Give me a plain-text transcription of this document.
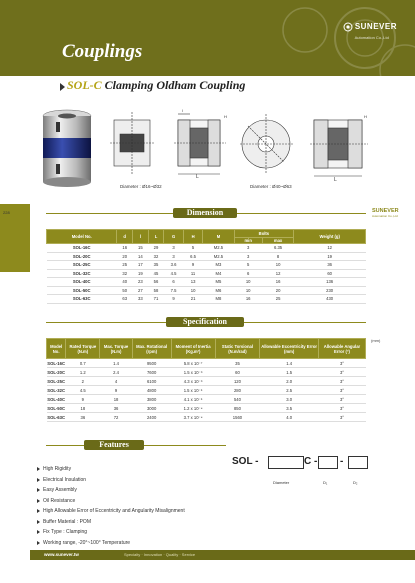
Couplings
SUNEVER
Automation Co.,Ltd
SOL-C Clamping Oldham Coupling
L
H
l
Diameter : Ø16~Ø32
L
H
Diameter : Ø40~Ø63
228	SUNEVER
Automation Co.,Ltd
Dimension
Model No.	d	l	L	G	H	M	Bolts		Weight (g)
							min	max	
SOL-16C	16	15	29	3	5	M2.5	3	6.35	12
SOL-20C	20	14	32	3	6.5	M2.5	3	8	19
SOL-25C	25	17	35	3.6	9	M3	5	10	36
SOL-32C	32	19	45	4.5	11	M4	6	12	60
SOL-40C	40	23	56	6	13	M5	10	16	136
SOL-50C	50	27	58	7.5	10	M6	10	20	230
SOL-63C	63	33	71	9	21	M8	16	25	430
(mm)
Specification
Model No.	Rated Torque (N.m)	Max. Torque (N.m)	Max. Rotational (rpm)	Moment of Inertia (Kg.m²)	Static Torsional (N.m/rad)	Allowable Eccentricity Error (mm)	Allowable Angular Error (°)
SOL-16C	0.7	1.4	9500	5.8 x 10⁻⁷	35	1.4	3°
SOL-20C	1.2	2.4	7600	1.5 x 10⁻⁶	60	1.5	3°
SOL-25C	2	4	6100	4.3 x 10⁻⁶	120	2.0	3°
SOL-32C	4.5	9	4800	1.5 x 10⁻⁵	280	2.5	3°
SOL-40C	9	18	3800	4.1 x 10⁻⁵	540	3.0	3°
SOL-50C	18	36	3000	1.2 x 10⁻⁴	850	3.5	3°
SOL-63C	36	72	2400	3.7 x 10⁻⁴	1560	4.0	3°
Features
High Rigidity
Electrical Insulation
Easy Assembly
Oil Resistance
High Allowable Error of Eccentricity and Angularity Misalignment
Buffer Material : POM
Fix Type : Clamping
Working range, -20°~100° Temperature
SOL -	C - -
Diameter	D₁	D₂
www.sunever.tw	Specialty · Innovation · Quality · Service
